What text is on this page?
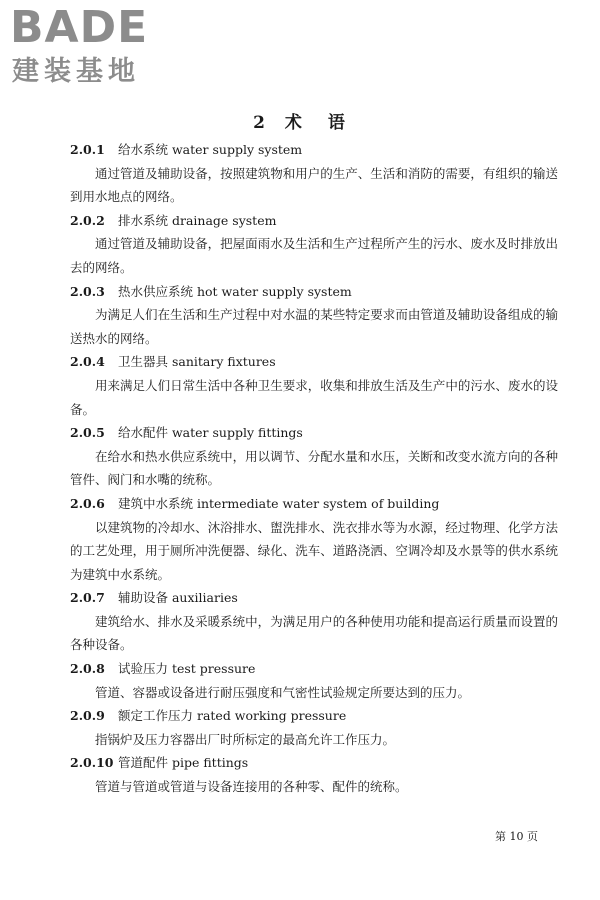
BADE
建装基地
2 术 语
2.0.1 给水系统 water supply system
通过管道及辅助设备，按照建筑物和用户的生产、生活和消防的需要，有组织的输送到用水地点的网络。
2.0.2 排水系统 drainage system
通过管道及辅助设备，把屋面雨水及生活和生产过程所产生的污水、废水及时排放出去的网络。
2.0.3 热水供应系统 hot water supply system
为满足人们在生活和生产过程中对水温的某些特定要求而由管道及辅助设备组成的输送热水的网络。
2.0.4 卫生器具 sanitary fixtures
用来满足人们日常生活中各种卫生要求，收集和排放生活及生产中的污水、废水的设备。
2.0.5 给水配件 water supply fittings
在给水和热水供应系统中，用以调节、分配水量和水压，关断和改变水流方向的各种管件、阀门和水嘴的统称。
2.0.6 建筑中水系统 intermediate water system of building
以建筑物的冷却水、沐浴排水、盥洗排水、洗衣排水等为水源，经过物理、化学方法的工艺处理，用于厕所冲洗便器、绿化、洗车、道路浇洒、空调冷却及水景等的供水系统为建筑中水系统。
2.0.7 辅助设备 auxiliaries
建筑给水、排水及采暖系统中，为满足用户的各种使用功能和提高运行质量而设置的各种设备。
2.0.8 试验压力 test pressure
管道、容器或设备进行耐压强度和气密性试验规定所要达到的压力。
2.0.9 额定工作压力 rated working pressure
指锅炉及压力容器出厂时所标定的最高允许工作压力。
2.0.10 管道配件 pipe fittings
管道与管道或管道与设备连接用的各种零、配件的统称。
第 10 页
